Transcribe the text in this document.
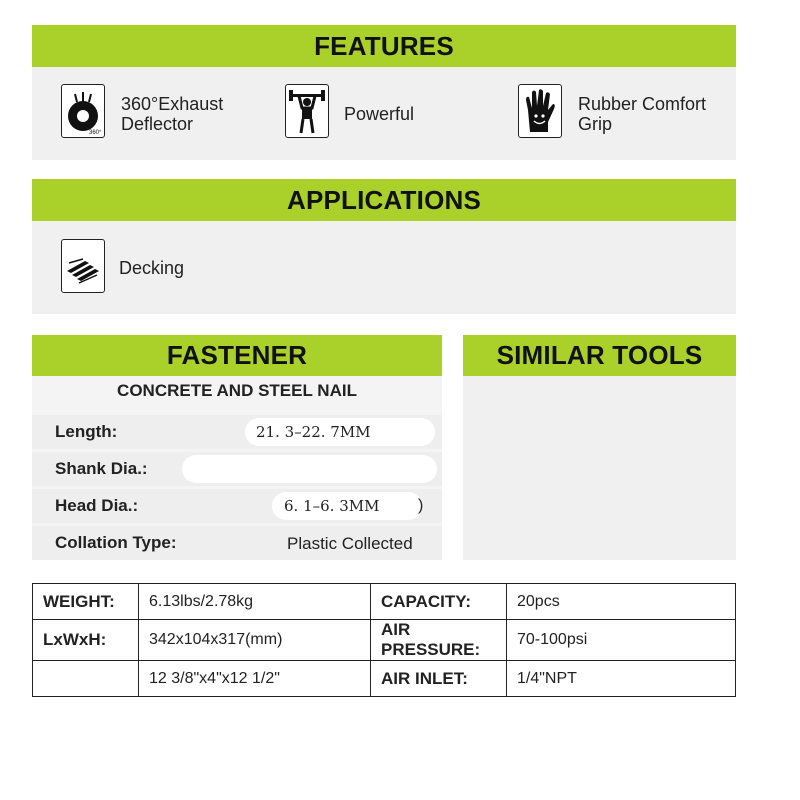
FEATURES
360°
360°Exhaust
Deflector	Powerful	Rubber Comfort
Grip
APPLICATIONS
Decking
FASTENER
CONCRETE AND STEEL NAIL
Length:	21. 3–22. 7MM
Shank Dia.:
Head Dia.:	6. 1–6. 3MM )
Collation Type:	Plastic Collected
SIMILAR TOOLS
WEIGHT:	6.13lbs/2.78kg	CAPACITY:	20pcs
LxWxH:	342x104x317(mm)	AIR PRESSURE:	70-100psi
	12 3/8"x4"x12 1/2"	AIR INLET:	1/4"NPT
